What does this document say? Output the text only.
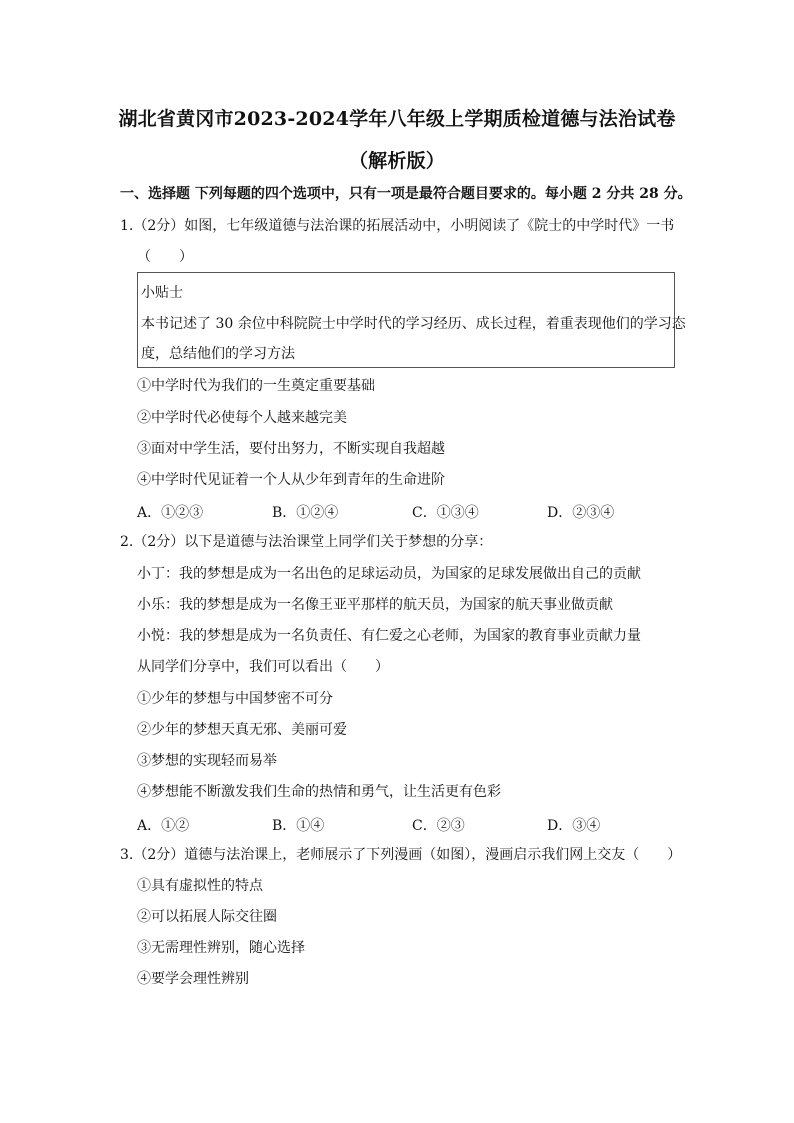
湖北省黄冈市2023-2024学年八年级上学期质检道德与法治试卷
（解析版）
一、选择题 下列每题的四个选项中，只有一项是最符合题目要求的。每小题 2 分共 28 分。
1.（2分）如图，七年级道德与法治课的拓展活动中，小明阅读了《院士的中学时代》一书
（　　）
小贴士
本书记述了 30 余位中科院院士中学时代的学习经历、成长过程，着重表现他们的学习态
度，总结他们的学习方法
①中学时代为我们的一生奠定重要基础
②中学时代必使每个人越来越完美
③面对中学生活，要付出努力，不断实现自我超越
④中学时代见证着一个人从少年到青年的生命进阶
A．①②③	B．①②④	C．①③④	D．②③④
2.（2分）以下是道德与法治课堂上同学们关于梦想的分享：
小丁：我的梦想是成为一名出色的足球运动员，为国家的足球发展做出自己的贡献
小乐：我的梦想是成为一名像王亚平那样的航天员，为国家的航天事业做贡献
小悦：我的梦想是成为一名负责任、有仁爱之心老师，为国家的教育事业贡献力量
从同学们分享中，我们可以看出（　　）
①少年的梦想与中国梦密不可分
②少年的梦想天真无邪、美丽可爱
③梦想的实现轻而易举
④梦想能不断激发我们生命的热情和勇气，让生活更有色彩
A．①②	B．①④	C．②③	D．③④
3.（2分）道德与法治课上，老师展示了下列漫画（如图），漫画启示我们网上交友（　　）
①具有虚拟性的特点
②可以拓展人际交往圈
③无需理性辨别，随心选择
④要学会理性辨别
